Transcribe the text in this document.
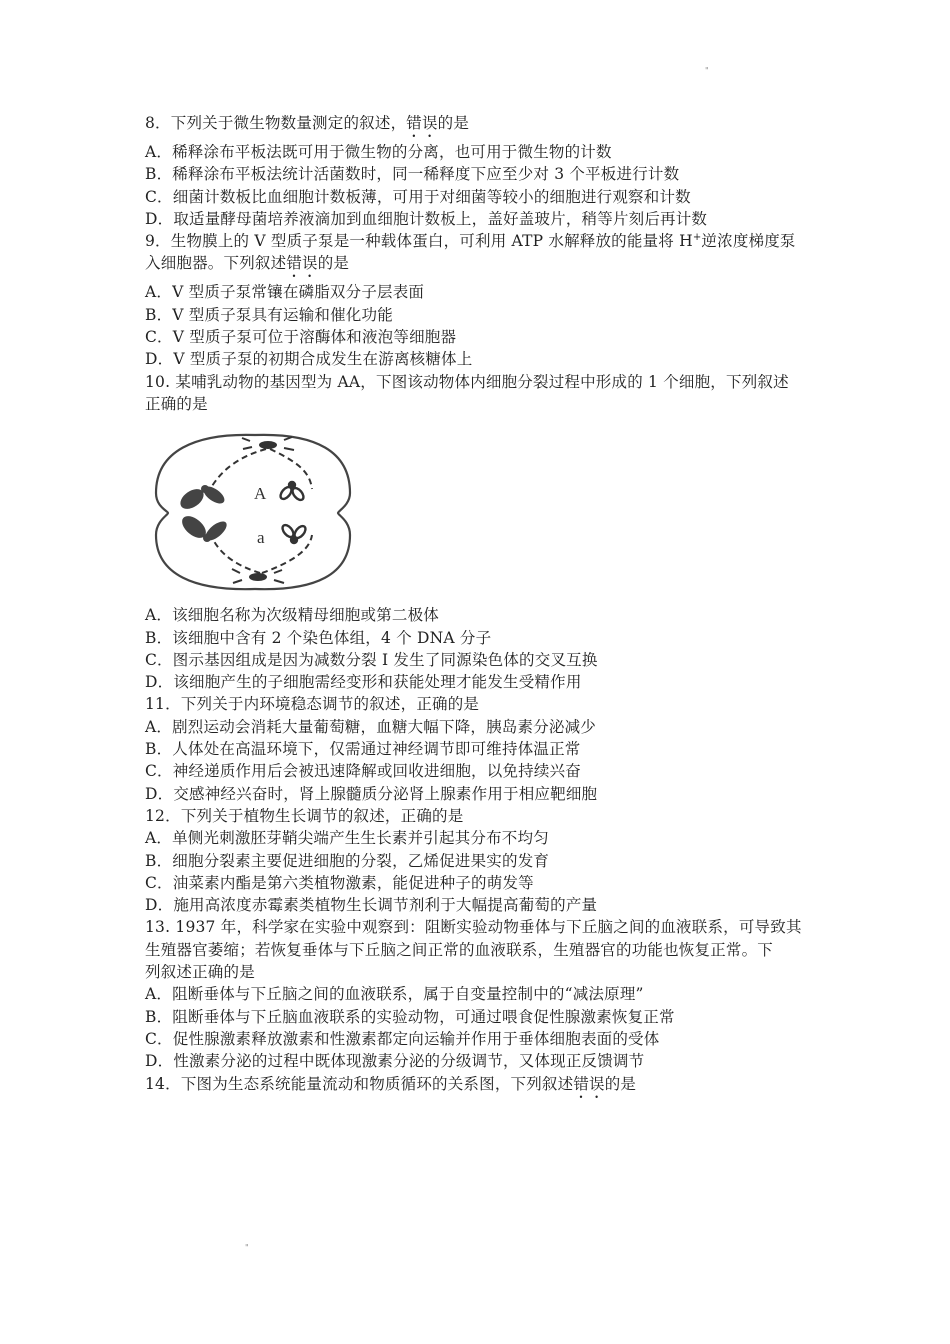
"
"
8．下列关于微生物数量测定的叙述，错误的是
A．稀释涂布平板法既可用于微生物的分离，也可用于微生物的计数
B．稀释涂布平板法统计活菌数时，同一稀释度下应至少对 3 个平板进行计数
C．细菌计数板比血细胞计数板薄，可用于对细菌等较小的细胞进行观察和计数
D．取适量酵母菌培养液滴加到血细胞计数板上，盖好盖玻片，稍等片刻后再计数
9．生物膜上的 V 型质子泵是一种载体蛋白，可利用 ATP 水解释放的能量将 H+逆浓度梯度泵
入细胞器。下列叙述错误的是
A．V 型质子泵常镶在磷脂双分子层表面
B．V 型质子泵具有运输和催化功能
C．V 型质子泵可位于溶酶体和液泡等细胞器
D．V 型质子泵的初期合成发生在游离核糖体上
10. 某哺乳动物的基因型为 AA，下图该动物体内细胞分裂过程中形成的 1 个细胞，下列叙述
正确的是
A
a
A．该细胞名称为次级精母细胞或第二极体
B．该细胞中含有 2 个染色体组，4 个 DNA 分子
C．图示基因组成是因为减数分裂 I 发生了同源染色体的交叉互换
D．该细胞产生的子细胞需经变形和获能处理才能发生受精作用
11．下列关于内环境稳态调节的叙述，正确的是
A．剧烈运动会消耗大量葡萄糖，血糖大幅下降，胰岛素分泌减少
B．人体处在高温环境下，仅需通过神经调节即可维持体温正常
C．神经递质作用后会被迅速降解或回收进细胞，以免持续兴奋
D．交感神经兴奋时，肾上腺髓质分泌肾上腺素作用于相应靶细胞
12．下列关于植物生长调节的叙述，正确的是
A．单侧光刺激胚芽鞘尖端产生生长素并引起其分布不均匀
B．细胞分裂素主要促进细胞的分裂，乙烯促进果实的发育
C．油菜素内酯是第六类植物激素，能促进种子的萌发等
D．施用高浓度赤霉素类植物生长调节剂利于大幅提高葡萄的产量
13. 1937 年，科学家在实验中观察到：阻断实验动物垂体与下丘脑之间的血液联系，可导致其
生殖器官萎缩；若恢复垂体与下丘脑之间正常的血液联系，生殖器官的功能也恢复正常。下
列叙述正确的是
A．阻断垂体与下丘脑之间的血液联系，属于自变量控制中的“减法原理”
B．阻断垂体与下丘脑血液联系的实验动物，可通过喂食促性腺激素恢复正常
C．促性腺激素释放激素和性激素都定向运输并作用于垂体细胞表面的受体
D．性激素分泌的过程中既体现激素分泌的分级调节，又体现正反馈调节
14．下图为生态系统能量流动和物质循环的关系图，下列叙述错误的是
